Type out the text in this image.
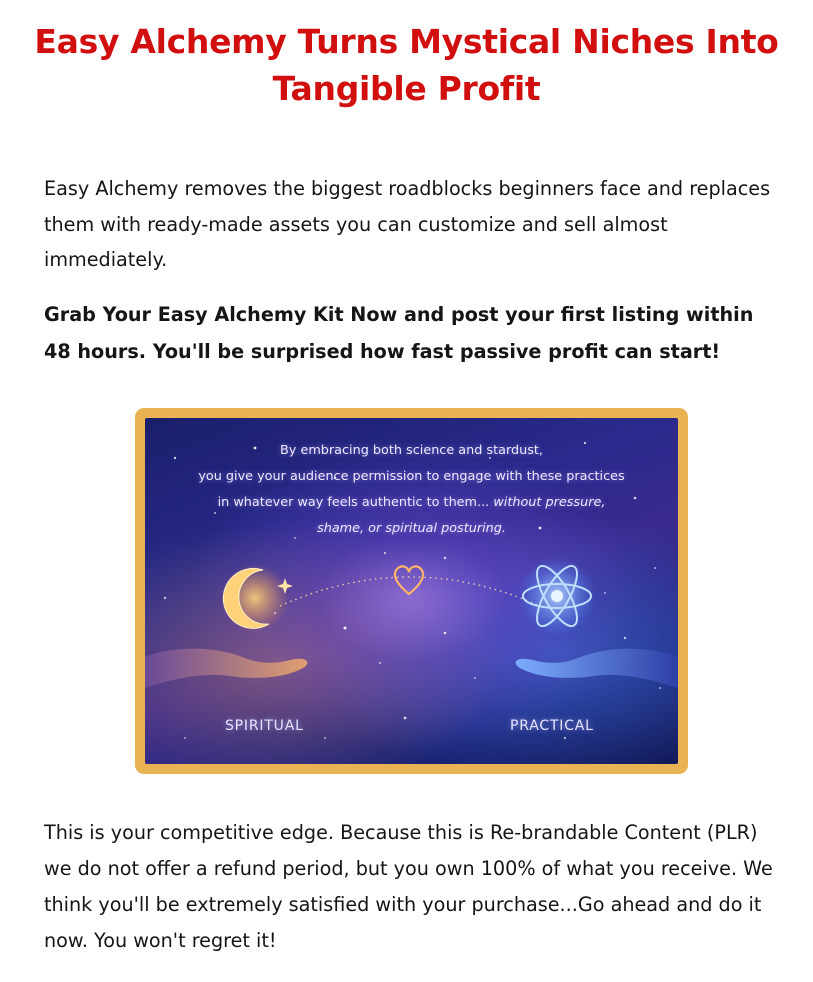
Easy Alchemy Turns Mystical Niches Into Tangible Profit

Easy Alchemy removes the biggest roadblocks beginners face and replaces them with ready-made assets you can customize and sell almost immediately.

Grab Your Easy Alchemy Kit Now and post your first listing within 48 hours. You'll be surprised how fast passive profit can start!

By embracing both science and stardust,
you give your audience permission to engage with these practices
in whatever way feels authentic to them... without pressure,
shame, or spiritual posturing.

SPIRITUAL	PRACTICAL

This is your competitive edge. Because this is Re-brandable Content (PLR) we do not offer a refund period, but you own 100% of what you receive. We think you'll be extremely satisfied with your purchase...Go ahead and do it now. You won't regret it!
